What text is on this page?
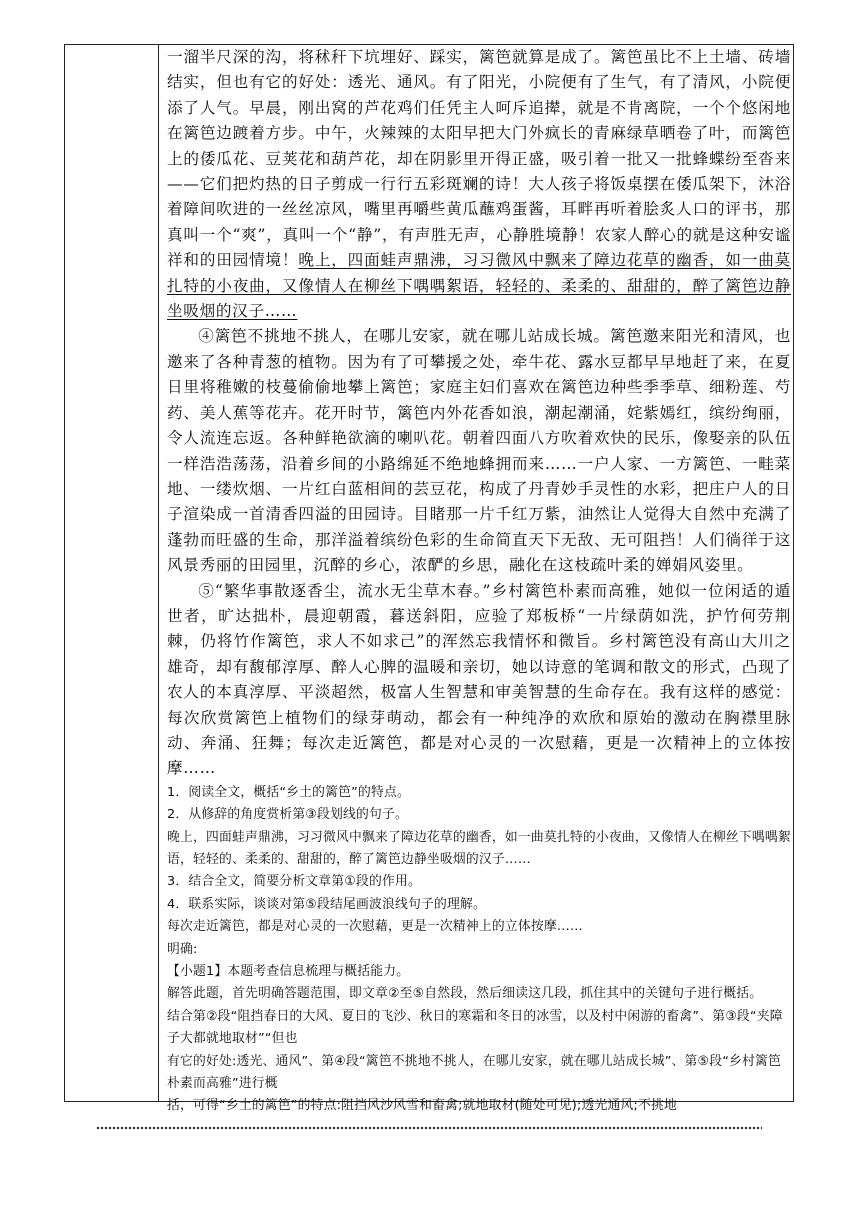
一溜半尺深的沟，将秫秆下坑埋好、踩实，篱笆就算是成了。篱笆虽比不上土墙、砖墙结实，但也有它的好处：透光、通风。有了阳光，小院便有了生气，有了清风，小院便添了人气。早晨，刚出窝的芦花鸡们任凭主人呵斥追撵，就是不肯离院，一个个悠闲地在篱笆边踱着方步。中午，火辣辣的太阳早把大门外疯长的青麻绿草晒卷了叶，而篱笆上的倭瓜花、豆荚花和葫芦花，却在阴影里开得正盛，吸引着一批又一批蜂蝶纷至沓来——它们把灼热的日子剪成一行行五彩斑斓的诗！大人孩子将饭桌摆在倭瓜架下，沐浴着障间吹进的一丝丝凉风，嘴里再嚼些黄瓜蘸鸡蛋酱，耳畔再听着脍炙人口的评书，那真叫一个“爽”，真叫一个“静”，有声胜无声，心静胜境静！农家人醉心的就是这种安谧祥和的田园情境！晚上，四面蛙声鼎沸，习习微风中飘来了障边花草的幽香，如一曲莫扎特的小夜曲，又像情人在柳丝下喁喁絮语，轻轻的、柔柔的、甜甜的，醉了篱笆边静坐吸烟的汉子……

④篱笆不挑地不挑人，在哪儿安家，就在哪儿站成长城。篱笆邀来阳光和清风，也邀来了各种青葱的植物。因为有了可攀援之处，牵牛花、露水豆都早早地赶了来，在夏日里将稚嫩的枝蔓偷偷地攀上篱笆；家庭主妇们喜欢在篱笆边种些季季草、细粉莲、芍药、美人蕉等花卉。花开时节，篱笆内外花香如浪，潮起潮涌，姹紫嫣红，缤纷绚丽，令人流连忘返。各种鲜艳欲滴的喇叭花。朝着四面八方吹着欢快的民乐，像娶亲的队伍一样浩浩荡荡，沿着乡间的小路绵延不绝地蜂拥而来……一户人家、一方篱笆、一畦菜地、一缕炊烟、一片红白蓝相间的芸豆花，构成了丹青妙手灵性的水彩，把庄户人的日子渲染成一首清香四溢的田园诗。目睹那一片千红万紫，油然让人觉得大自然中充满了蓬勃而旺盛的生命，那洋溢着缤纷色彩的生命简直天下无敌、无可阻挡！人们徜徉于这风景秀丽的田园里，沉醉的乡心，浓酽的乡思，融化在这枝疏叶柔的婵娟风姿里。

⑤“繁华事散逐香尘，流水无尘草木春。”乡村篱笆朴素而高雅，她似一位闲适的遁世者，旷达拙朴，晨迎朝霞，暮送斜阳，应验了郑板桥“一片绿荫如洗，护竹何劳荆棘，仍将竹作篱笆，求人不如求己”的浑然忘我情怀和微旨。乡村篱笆没有高山大川之雄奇，却有馥郁淳厚、醉人心脾的温暖和亲切，她以诗意的笔调和散文的形式，凸现了农人的本真淳厚、平淡超然，极富人生智慧和审美智慧的生命存在。我有这样的感觉：每次欣赏篱笆上植物们的绿芽萌动，都会有一种纯净的欢欣和原始的激动在胸襟里脉动、奔涌、狂舞；每次走近篱笆，都是对心灵的一次慰藉，更是一次精神上的立体按摩……

1．阅读全文，概括“乡土的篱笆”的特点。

2．从修辞的角度赏析第③段划线的句子。

晚上，四面蛙声鼎沸，习习微风中飘来了障边花草的幽香，如一曲莫扎特的小夜曲，又像情人在柳丝下喁喁絮语，轻轻的、柔柔的、甜甜的，醉了篱笆边静坐吸烟的汉子……

3．结合全文，简要分析文章第①段的作用。

4．联系实际，谈谈对第⑤段结尾画波浪线句子的理解。

每次走近篱笆，都是对心灵的一次慰藉，更是一次精神上的立体按摩……

明确:

【小题1】本题考查信息梳理与概括能力。

解答此题，首先明确答题范围，即文章②至⑤自然段，然后细读这几段，抓住其中的关键句子进行概括。

结合第②段“阻挡春日的大风、夏日的飞沙、秋日的寒霜和冬日的冰雪，以及村中闲游的畜禽”、第③段“夹障子大都就地取材”“但也

有它的好处:透光、通风”、第④段“篱笆不挑地不挑人，在哪儿安家，就在哪儿站成长城”、第⑤段“乡村篱笆朴素而高雅”进行概

括，可得“乡土的篱笆”的特点:阻挡风沙风雪和畜禽;就地取材(随处可见);透光通风;不挑地
